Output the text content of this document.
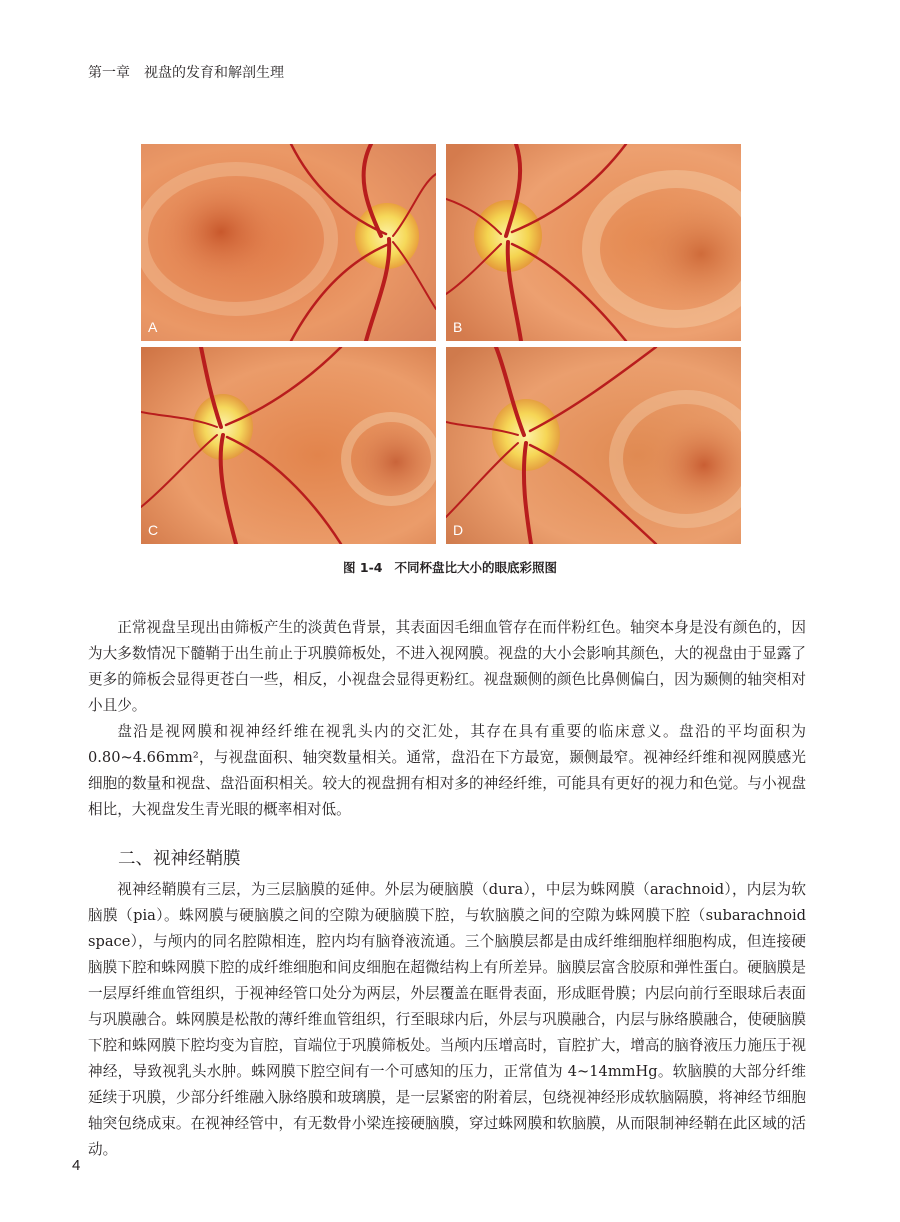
第一章 视盘的发育和解剖生理
A	B
C	D
图 1-4 不同杯盘比大小的眼底彩照图

正常视盘呈现出由筛板产生的淡黄色背景，其表面因毛细血管存在而伴粉红色。轴突本身是没有颜色的，因为大多数情况下髓鞘于出生前止于巩膜筛板处，不进入视网膜。视盘的大小会影响其颜色，大的视盘由于显露了更多的筛板会显得更苍白一些，相反，小视盘会显得更粉红。视盘颞侧的颜色比鼻侧偏白，因为颞侧的轴突相对小且少。

盘沿是视网膜和视神经纤维在视乳头内的交汇处，其存在具有重要的临床意义。盘沿的平均面积为0.80~4.66mm²，与视盘面积、轴突数量相关。通常，盘沿在下方最宽，颞侧最窄。视神经纤维和视网膜感光细胞的数量和视盘、盘沿面积相关。较大的视盘拥有相对多的神经纤维，可能具有更好的视力和色觉。与小视盘相比，大视盘发生青光眼的概率相对低。

二、视神经鞘膜

视神经鞘膜有三层，为三层脑膜的延伸。外层为硬脑膜（dura），中层为蛛网膜（arachnoid），内层为软脑膜（pia）。蛛网膜与硬脑膜之间的空隙为硬脑膜下腔，与软脑膜之间的空隙为蛛网膜下腔（subarachnoid space），与颅内的同名腔隙相连，腔内均有脑脊液流通。三个脑膜层都是由成纤维细胞样细胞构成，但连接硬脑膜下腔和蛛网膜下腔的成纤维细胞和间皮细胞在超微结构上有所差异。脑膜层富含胶原和弹性蛋白。硬脑膜是一层厚纤维血管组织，于视神经管口处分为两层，外层覆盖在眶骨表面，形成眶骨膜；内层向前行至眼球后表面与巩膜融合。蛛网膜是松散的薄纤维血管组织，行至眼球内后，外层与巩膜融合，内层与脉络膜融合，使硬脑膜下腔和蛛网膜下腔均变为盲腔，盲端位于巩膜筛板处。当颅内压增高时，盲腔扩大，增高的脑脊液压力施压于视神经，导致视乳头水肿。蛛网膜下腔空间有一个可感知的压力，正常值为 4~14mmHg。软脑膜的大部分纤维延续于巩膜，少部分纤维融入脉络膜和玻璃膜，是一层紧密的附着层，包绕视神经形成软脑隔膜，将神经节细胞轴突包绕成束。在视神经管中，有无数骨小梁连接硬脑膜，穿过蛛网膜和软脑膜，从而限制神经鞘在此区域的活动。

4
